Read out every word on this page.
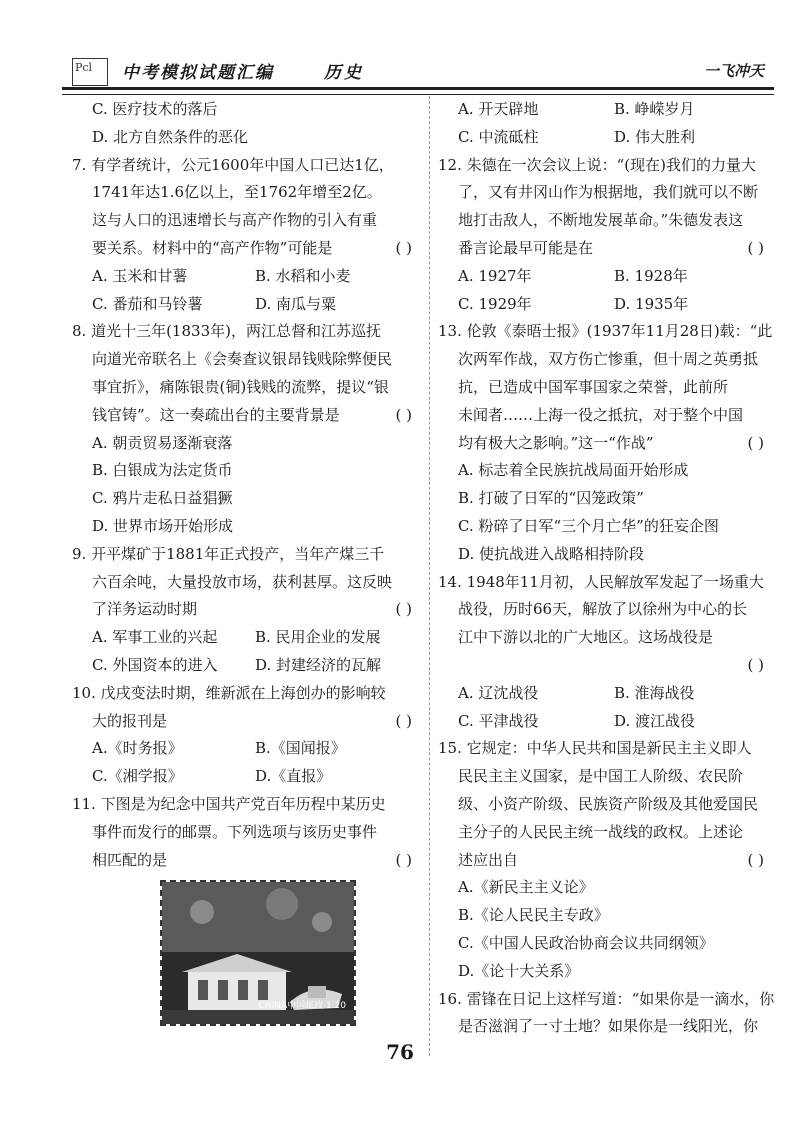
Pcl 中考模拟试题汇编	历史	一飞冲天
C. 医疗技术的落后
D. 北方自然条件的恶化
7. 有学者统计，公元1600年中国人口已达1亿，
1741年达1.6亿以上，至1762年增至2亿。
这与人口的迅速增长与高产作物的引入有重
要关系。材料中的“高产作物”可能是	( )
A. 玉米和甘薯	B. 水稻和小麦
C. 番茄和马铃薯	D. 南瓜与粟
8. 道光十三年(1833年)，两江总督和江苏巡抚
向道光帝联名上《会奏查议银昂钱贱除弊便民
事宜折》，痛陈银贵(铜)钱贱的流弊，提议“银
钱官铸”。这一奏疏出台的主要背景是	( )
A. 朝贡贸易逐渐衰落
B. 白银成为法定货币
C. 鸦片走私日益猖獗
D. 世界市场开始形成
9. 开平煤矿于1881年正式投产，当年产煤三千
六百余吨，大量投放市场，获利甚厚。这反映
了洋务运动时期	( )
A. 军事工业的兴起	B. 民用企业的发展
C. 外国资本的进入	D. 封建经济的瓦解
10. 戊戌变法时期，维新派在上海创办的影响较
大的报刊是	( )
A.《时务报》	B.《国闻报》
C.《湘学报》	D.《直报》
11. 下图是为纪念中国共产党百年历程中某历史
事件而发行的邮票。下列选项与该历史事件
相匹配的是	( )
CHINA中国邮政 1.20
A. 开天辟地	B. 峥嵘岁月
C. 中流砥柱	D. 伟大胜利
12. 朱德在一次会议上说：“(现在)我们的力量大
了，又有井冈山作为根据地，我们就可以不断
地打击敌人，不断地发展革命。”朱德发表这
番言论最早可能是在	( )
A. 1927年	B. 1928年
C. 1929年	D. 1935年
13. 伦敦《泰晤士报》(1937年11月28日)载：“此
次两军作战，双方伤亡惨重，但十周之英勇抵
抗，已造成中国军事国家之荣誉，此前所
未闻者……上海一役之抵抗，对于整个中国
均有极大之影响。”这一“作战”	( )
A. 标志着全民族抗战局面开始形成
B. 打破了日军的“囚笼政策”
C. 粉碎了日军“三个月亡华”的狂妄企图
D. 使抗战进入战略相持阶段
14. 1948年11月初，人民解放军发起了一场重大
战役，历时66天，解放了以徐州为中心的长
江中下游以北的广大地区。这场战役是
( )
A. 辽沈战役	B. 淮海战役
C. 平津战役	D. 渡江战役
15. 它规定：中华人民共和国是新民主主义即人
民民主主义国家，是中国工人阶级、农民阶
级、小资产阶级、民族资产阶级及其他爱国民
主分子的人民民主统一战线的政权。上述论
述应出自	( )
A.《新民主主义论》
B.《论人民民主专政》
C.《中国人民政治协商会议共同纲领》
D.《论十大关系》
16. 雷锋在日记上这样写道：“如果你是一滴水，你
是否滋润了一寸土地？如果你是一线阳光，你
76
